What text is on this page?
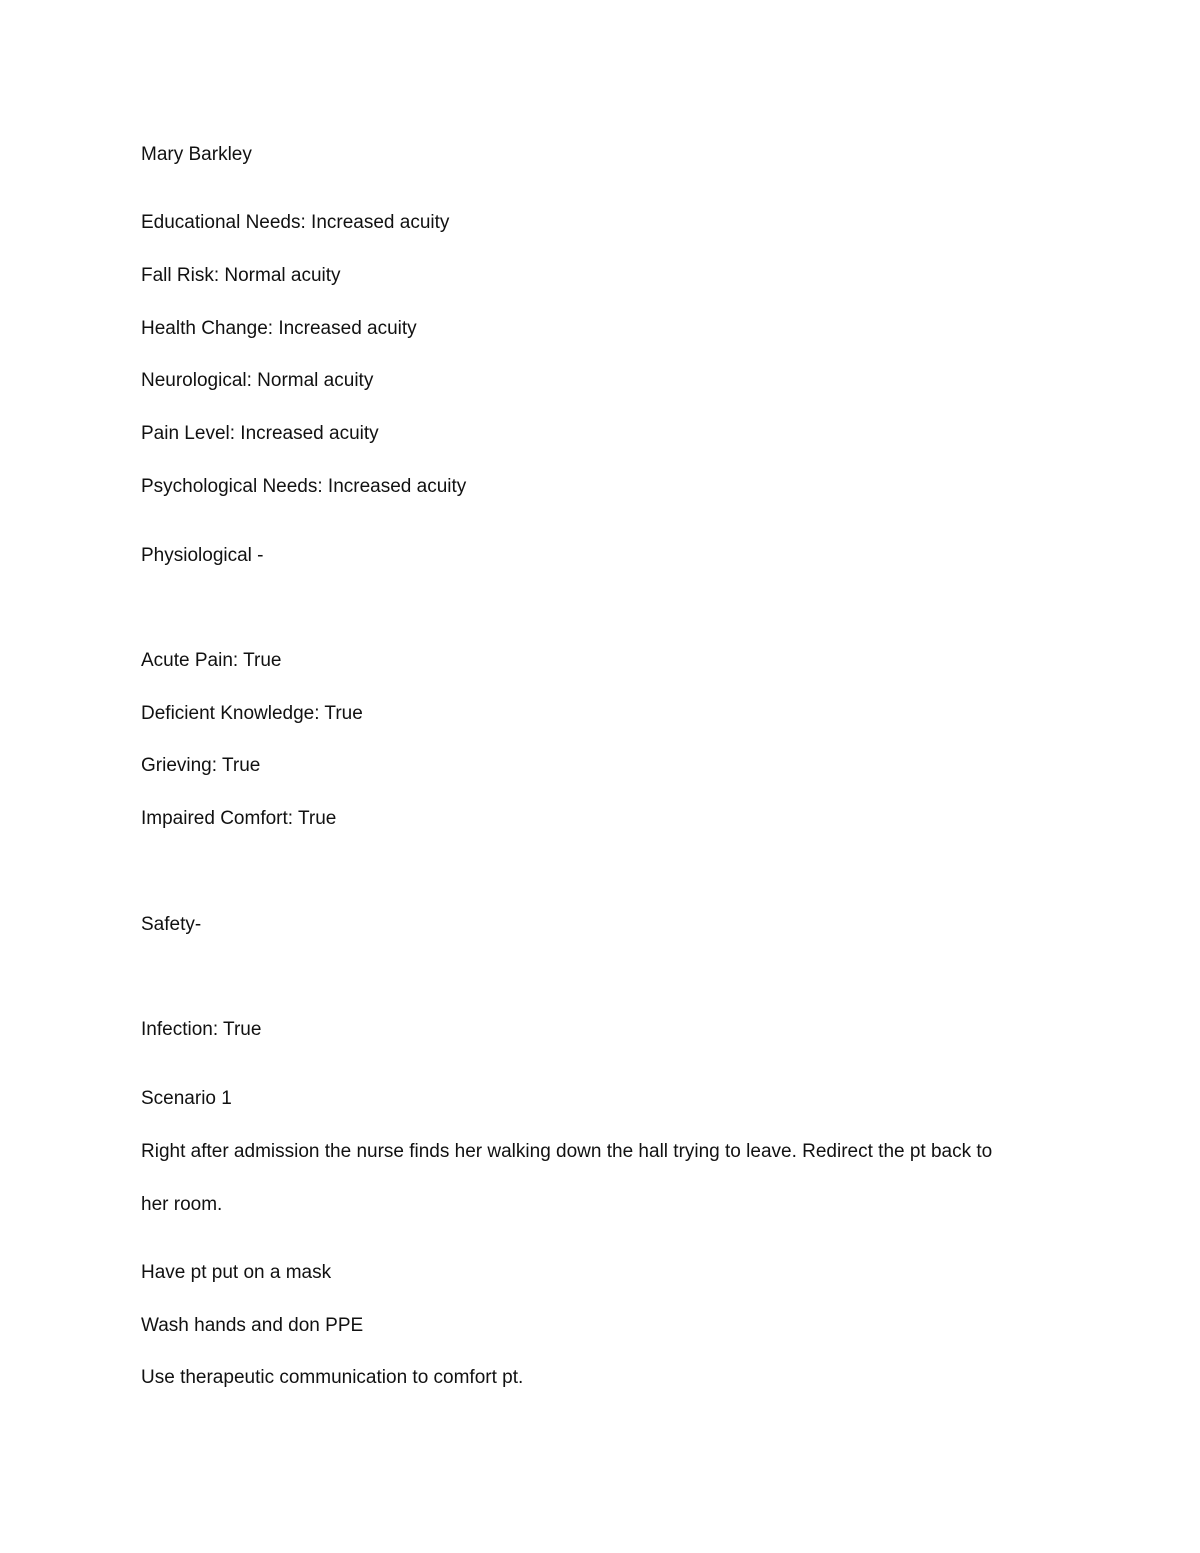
Mary Barkley
Educational Needs: Increased acuity
Fall Risk: Normal acuity
Health Change: Increased acuity
Neurological: Normal acuity
Pain Level: Increased acuity
Psychological Needs: Increased acuity
Physiological -
Acute Pain: True
Deficient Knowledge: True
Grieving: True
Impaired Comfort: True
Safety-
Infection: True
Scenario 1
Right after admission the nurse finds her walking down the hall trying to leave. Redirect the pt back to
her room.
Have pt put on a mask
Wash hands and don PPE
Use therapeutic communication to comfort pt.
